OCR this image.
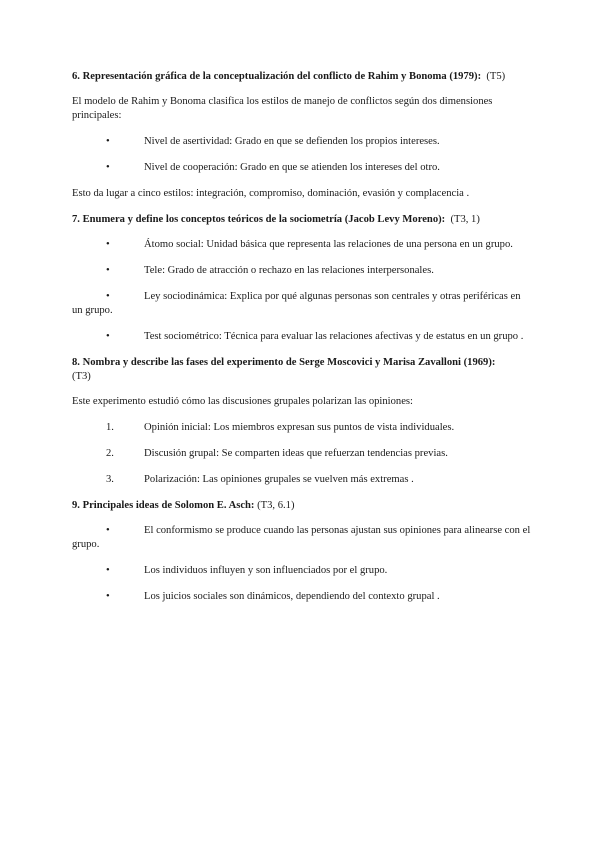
6. Representación gráfica de la conceptualización del conflicto de Rahim y Bonoma (1979): (T5)

El modelo de Rahim y Bonoma clasifica los estilos de manejo de conflictos según dos dimensiones principales:

•	Nivel de asertividad: Grado en que se defienden los propios intereses.
•	Nivel de cooperación: Grado en que se atienden los intereses del otro.

Esto da lugar a cinco estilos: integración, compromiso, dominación, evasión y complacencia .

7. Enumera y define los conceptos teóricos de la sociometría (Jacob Levy Moreno): (T3, 1)
•	Átomo social: Unidad básica que representa las relaciones de una persona en un grupo.
•	Tele: Grado de atracción o rechazo en las relaciones interpersonales.
•	Ley sociodinámica: Explica por qué algunas personas son centrales y otras periféricas en un grupo.
•	Test sociométrico: Técnica para evaluar las relaciones afectivas y de estatus en un grupo .
8. Nombra y describe las fases del experimento de Serge Moscovici y Marisa Zavalloni (1969):
(T3)

Este experimento estudió cómo las discusiones grupales polarizan las opiniones:

1.	Opinión inicial: Los miembros expresan sus puntos de vista individuales.
2.	Discusión grupal: Se comparten ideas que refuerzan tendencias previas.
3.	Polarización: Las opiniones grupales se vuelven más extremas .
9. Principales ideas de Solomon E. Asch: (T3, 6.1)
•	El conformismo se produce cuando las personas ajustan sus opiniones para alinearse con el grupo.
•	Los individuos influyen y son influenciados por el grupo.
•	Los juicios sociales son dinámicos, dependiendo del contexto grupal .
